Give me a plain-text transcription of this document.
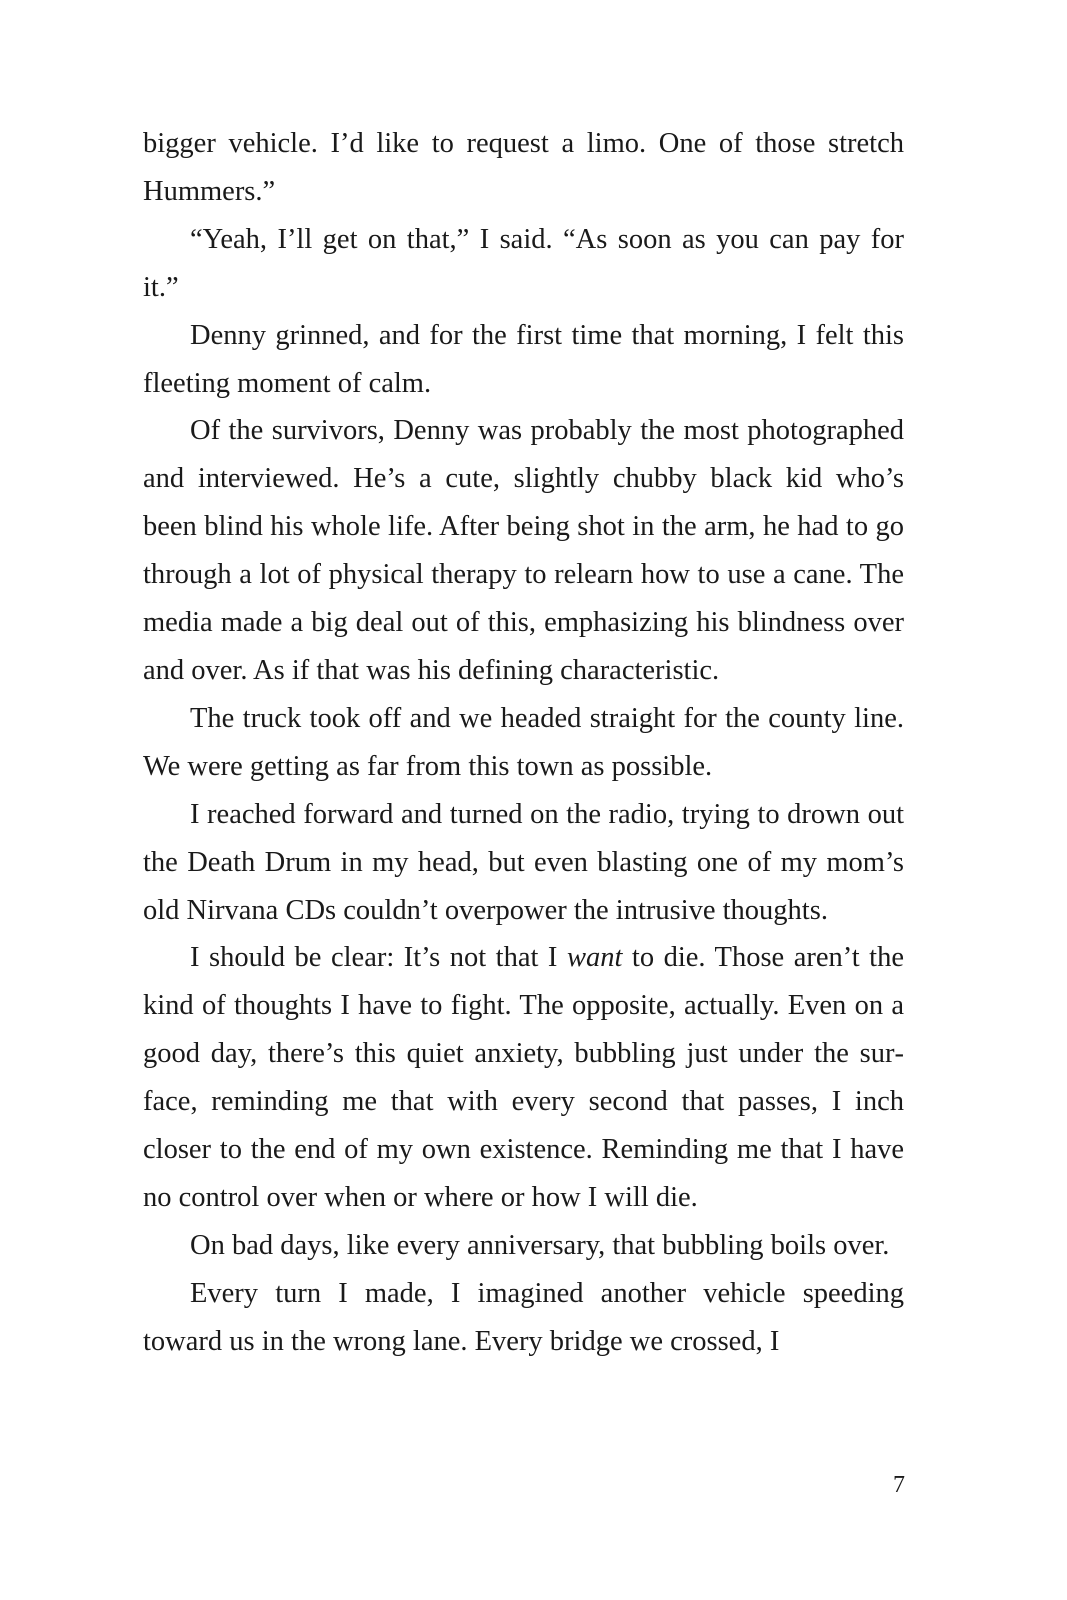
bigger vehicle. I’d like to request a limo. One of those stretch Hummers.”

“Yeah, I’ll get on that,” I said. “As soon as you can pay for it.”

Denny grinned, and for the first time that morning, I felt this fleeting moment of calm.

Of the survivors, Denny was probably the most photographed and interviewed. He’s a cute, slightly chubby black kid who’s been blind his whole life. After being shot in the arm, he had to go through a lot of physical therapy to relearn how to use a cane. The media made a big deal out of this, emphasizing his blindness over and over. As if that was his defining characteristic.

The truck took off and we headed straight for the county line. We were getting as far from this town as possible.

I reached forward and turned on the radio, trying to drown out the Death Drum in my head, but even blasting one of my mom’s old Nirvana CDs couldn’t overpower the intrusive thoughts.

I should be clear: It’s not that I want to die. Those aren’t the kind of thoughts I have to fight. The opposite, actually. Even on a good day, there’s this quiet anxiety, bubbling just under the surface, reminding me that with every second that passes, I inch closer to the end of my own existence. Reminding me that I have no control over when or where or how I will die.

On bad days, like every anniversary, that bubbling boils over.

Every turn I made, I imagined another vehicle speeding toward us in the wrong lane. Every bridge we crossed, I

7
